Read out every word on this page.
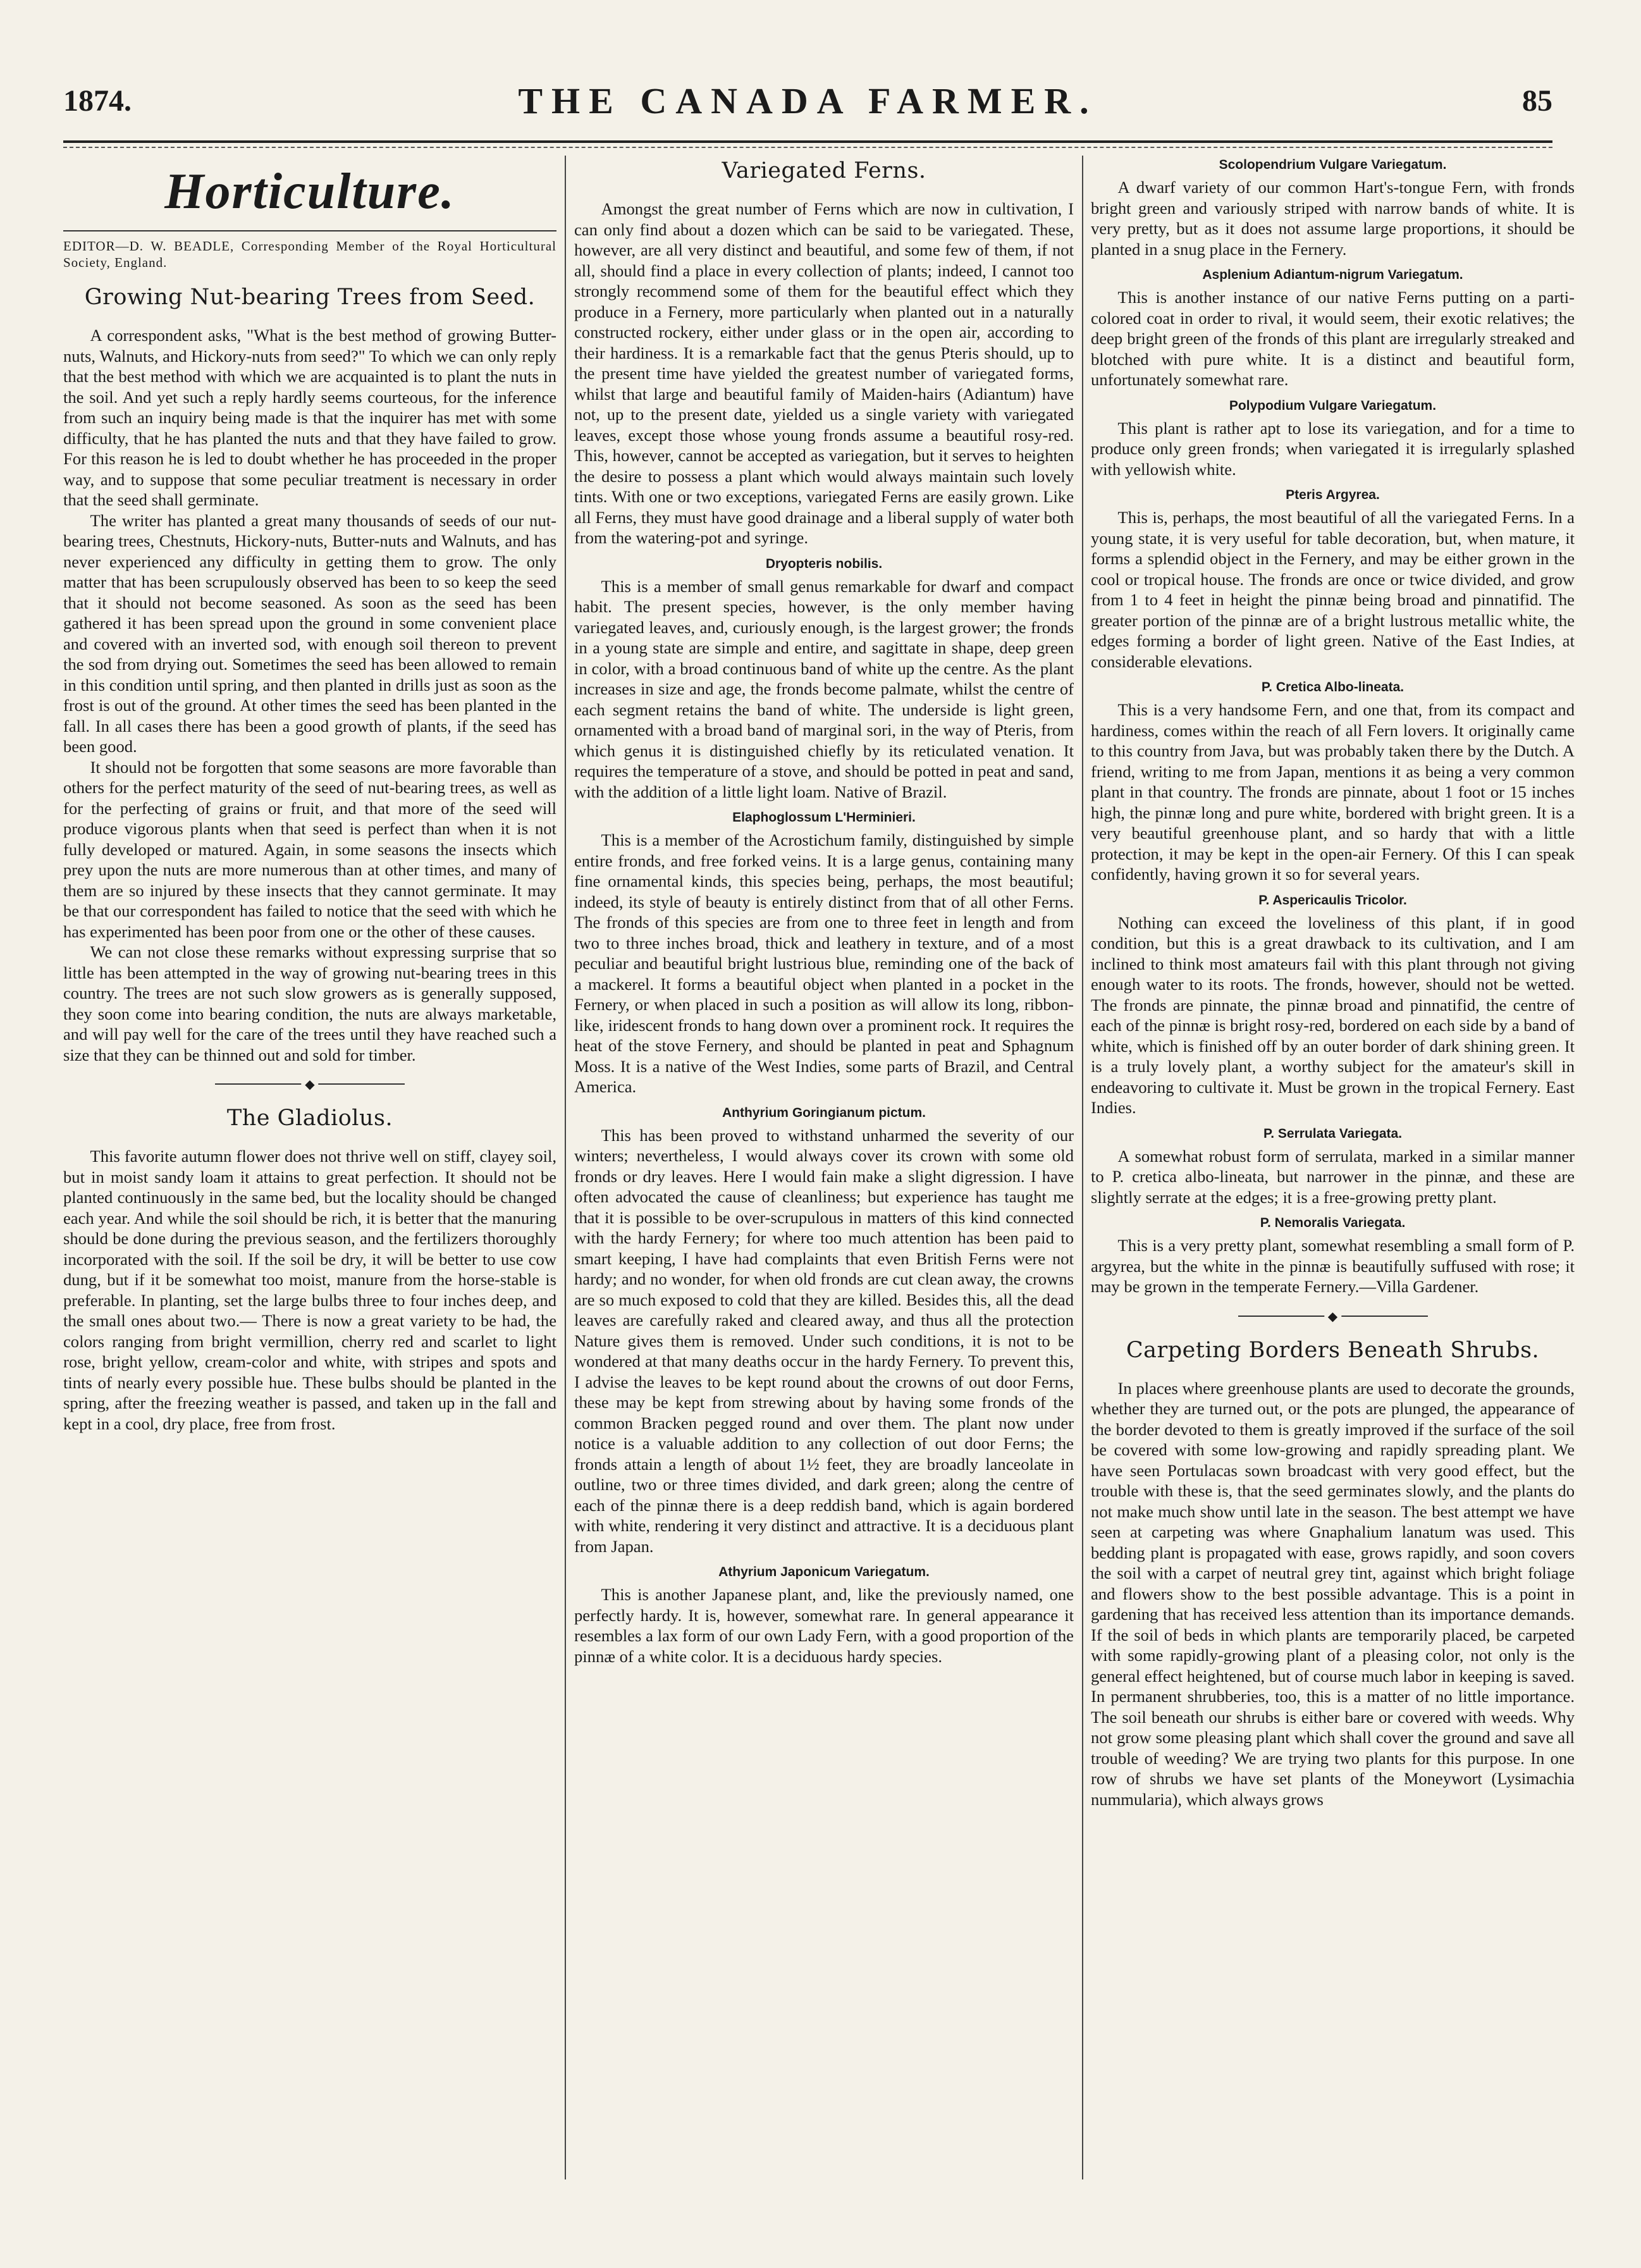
1874.	THE CANADA FARMER.	85
Horticulture.
EDITOR—D. W. BEADLE, Corresponding Member of the Royal Horticultural Society, England.
Growing Nut-bearing Trees from Seed.

A correspondent asks, "What is the best method of growing Butter-nuts, Walnuts, and Hickory-nuts from seed?" To which we can only reply that the best method with which we are acquainted is to plant the nuts in the soil. And yet such a reply hardly seems courteous, for the inference from such an inquiry being made is that the inquirer has met with some difficulty, that he has planted the nuts and that they have failed to grow. For this reason he is led to doubt whether he has proceeded in the proper way, and to suppose that some peculiar treatment is necessary in order that the seed shall germinate.

The writer has planted a great many thousands of seeds of our nut-bearing trees, Chestnuts, Hickory-nuts, Butter-nuts and Walnuts, and has never experienced any difficulty in getting them to grow. The only matter that has been scrupulously observed has been to so keep the seed that it should not become seasoned. As soon as the seed has been gathered it has been spread upon the ground in some convenient place and covered with an inverted sod, with enough soil thereon to prevent the sod from drying out. Sometimes the seed has been allowed to remain in this condition until spring, and then planted in drills just as soon as the frost is out of the ground. At other times the seed has been planted in the fall. In all cases there has been a good growth of plants, if the seed has been good.

It should not be forgotten that some seasons are more favorable than others for the perfect maturity of the seed of nut-bearing trees, as well as for the perfecting of grains or fruit, and that more of the seed will produce vigorous plants when that seed is perfect than when it is not fully developed or matured. Again, in some seasons the insects which prey upon the nuts are more numerous than at other times, and many of them are so injured by these insects that they cannot germinate. It may be that our correspondent has failed to notice that the seed with which he has experimented has been poor from one or the other of these causes.

We can not close these remarks without expressing surprise that so little has been attempted in the way of growing nut-bearing trees in this country. The trees are not such slow growers as is generally supposed, they soon come into bearing condition, the nuts are always marketable, and will pay well for the care of the trees until they have reached such a size that they can be thinned out and sold for timber.

◆
The Gladiolus.

This favorite autumn flower does not thrive well on stiff, clayey soil, but in moist sandy loam it attains to great perfection. It should not be planted continuously in the same bed, but the locality should be changed each year. And while the soil should be rich, it is better that the manuring should be done during the previous season, and the fertilizers thoroughly incorporated with the soil. If the soil be dry, it will be better to use cow dung, but if it be somewhat too moist, manure from the horse-stable is preferable. In planting, set the large bulbs three to four inches deep, and the small ones about two.— There is now a great variety to be had, the colors ranging from bright vermillion, cherry red and scarlet to light rose, bright yellow, cream-color and white, with stripes and spots and tints of nearly every possible hue. These bulbs should be planted in the spring, after the freezing weather is passed, and taken up in the fall and kept in a cool, dry place, free from frost.

Variegated Ferns.

Amongst the great number of Ferns which are now in cultivation, I can only find about a dozen which can be said to be variegated. These, however, are all very distinct and beautiful, and some few of them, if not all, should find a place in every collection of plants; indeed, I cannot too strongly recommend some of them for the beautiful effect which they produce in a Fernery, more particularly when planted out in a naturally constructed rockery, either under glass or in the open air, according to their hardiness. It is a remarkable fact that the genus Pteris should, up to the present time have yielded the greatest number of variegated forms, whilst that large and beautiful family of Maiden-hairs (Adiantum) have not, up to the present date, yielded us a single variety with variegated leaves, except those whose young fronds assume a beautiful rosy-red. This, however, cannot be accepted as variegation, but it serves to heighten the desire to possess a plant which would always maintain such lovely tints. With one or two exceptions, variegated Ferns are easily grown. Like all Ferns, they must have good drainage and a liberal supply of water both from the watering-pot and syringe.

Dryopteris nobilis.

This is a member of small genus remarkable for dwarf and compact habit. The present species, however, is the only member having variegated leaves, and, curiously enough, is the largest grower; the fronds in a young state are simple and entire, and sagittate in shape, deep green in color, with a broad continuous band of white up the centre. As the plant increases in size and age, the fronds become palmate, whilst the centre of each segment retains the band of white. The underside is light green, ornamented with a broad band of marginal sori, in the way of Pteris, from which genus it is distinguished chiefly by its reticulated venation. It requires the temperature of a stove, and should be potted in peat and sand, with the addition of a little light loam. Native of Brazil.

Elaphoglossum L'Herminieri.

This is a member of the Acrostichum family, distinguished by simple entire fronds, and free forked veins. It is a large genus, containing many fine ornamental kinds, this species being, perhaps, the most beautiful; indeed, its style of beauty is entirely distinct from that of all other Ferns. The fronds of this species are from one to three feet in length and from two to three inches broad, thick and leathery in texture, and of a most peculiar and beautiful bright lustrious blue, reminding one of the back of a mackerel. It forms a beautiful object when planted in a pocket in the Fernery, or when placed in such a position as will allow its long, ribbon-like, iridescent fronds to hang down over a prominent rock. It requires the heat of the stove Fernery, and should be planted in peat and Sphagnum Moss. It is a native of the West Indies, some parts of Brazil, and Central America.

Anthyrium Goringianum pictum.

This has been proved to withstand unharmed the severity of our winters; nevertheless, I would always cover its crown with some old fronds or dry leaves. Here I would fain make a slight digression. I have often advocated the cause of cleanliness; but experience has taught me that it is possible to be over-scrupulous in matters of this kind connected with the hardy Fernery; for where too much attention has been paid to smart keeping, I have had complaints that even British Ferns were not hardy; and no wonder, for when old fronds are cut clean away, the crowns are so much exposed to cold that they are killed. Besides this, all the dead leaves are carefully raked and cleared away, and thus all the protection Nature gives them is removed. Under such conditions, it is not to be wondered at that many deaths occur in the hardy Fernery. To prevent this, I advise the leaves to be kept round about the crowns of out door Ferns, these may be kept from strewing about by having some fronds of the common Bracken pegged round and over them. The plant now under notice is a valuable addition to any collection of out door Ferns; the fronds attain a length of about 1½ feet, they are broadly lanceolate in outline, two or three times divided, and dark green; along the centre of each of the pinnæ there is a deep reddish band, which is again bordered with white, rendering it very distinct and attractive. It is a deciduous plant from Japan.

Athyrium Japonicum Variegatum.

This is another Japanese plant, and, like the previously named, one perfectly hardy. It is, however, somewhat rare. In general appearance it resembles a lax form of our own Lady Fern, with a good proportion of the pinnæ of a white color. It is a deciduous hardy species.

Scolopendrium Vulgare Variegatum.

A dwarf variety of our common Hart's-tongue Fern, with fronds bright green and variously striped with narrow bands of white. It is very pretty, but as it does not assume large proportions, it should be planted in a snug place in the Fernery.

Asplenium Adiantum-nigrum Variegatum.

This is another instance of our native Ferns putting on a parti-colored coat in order to rival, it would seem, their exotic relatives; the deep bright green of the fronds of this plant are irregularly streaked and blotched with pure white. It is a distinct and beautiful form, unfortunately somewhat rare.

Polypodium Vulgare Variegatum.

This plant is rather apt to lose its variegation, and for a time to produce only green fronds; when variegated it is irregularly splashed with yellowish white.

Pteris Argyrea.

This is, perhaps, the most beautiful of all the variegated Ferns. In a young state, it is very useful for table decoration, but, when mature, it forms a splendid object in the Fernery, and may be either grown in the cool or tropical house. The fronds are once or twice divided, and grow from 1 to 4 feet in height the pinnæ being broad and pinnatifid. The greater portion of the pinnæ are of a bright lustrous metallic white, the edges forming a border of light green. Native of the East Indies, at considerable elevations.

P. Cretica Albo-lineata.

This is a very handsome Fern, and one that, from its compact and hardiness, comes within the reach of all Fern lovers. It originally came to this country from Java, but was probably taken there by the Dutch. A friend, writing to me from Japan, mentions it as being a very common plant in that country. The fronds are pinnate, about 1 foot or 15 inches high, the pinnæ long and pure white, bordered with bright green. It is a very beautiful greenhouse plant, and so hardy that with a little protection, it may be kept in the open-air Fernery. Of this I can speak confidently, having grown it so for several years.

P. Aspericaulis Tricolor.

Nothing can exceed the loveliness of this plant, if in good condition, but this is a great drawback to its cultivation, and I am inclined to think most amateurs fail with this plant through not giving enough water to its roots. The fronds, however, should not be wetted. The fronds are pinnate, the pinnæ broad and pinnatifid, the centre of each of the pinnæ is bright rosy-red, bordered on each side by a band of white, which is finished off by an outer border of dark shining green. It is a truly lovely plant, a worthy subject for the amateur's skill in endeavoring to cultivate it. Must be grown in the tropical Fernery. East Indies.

P. Serrulata Variegata.

A somewhat robust form of serrulata, marked in a similar manner to P. cretica albo-lineata, but narrower in the pinnæ, and these are slightly serrate at the edges; it is a free-growing pretty plant.

P. Nemoralis Variegata.

This is a very pretty plant, somewhat resembling a small form of P. argyrea, but the white in the pinnæ is beautifully suffused with rose; it may be grown in the temperate Fernery.—Villa Gardener.

◆
Carpeting Borders Beneath Shrubs.

In places where greenhouse plants are used to decorate the grounds, whether they are turned out, or the pots are plunged, the appearance of the border devoted to them is greatly improved if the surface of the soil be covered with some low-growing and rapidly spreading plant. We have seen Portulacas sown broadcast with very good effect, but the trouble with these is, that the seed germinates slowly, and the plants do not make much show until late in the season. The best attempt we have seen at carpeting was where Gnaphalium lanatum was used. This bedding plant is propagated with ease, grows rapidly, and soon covers the soil with a carpet of neutral grey tint, against which bright foliage and flowers show to the best possible advantage. This is a point in gardening that has received less attention than its importance demands. If the soil of beds in which plants are temporarily placed, be carpeted with some rapidly-growing plant of a pleasing color, not only is the general effect heightened, but of course much labor in keeping is saved. In permanent shrubberies, too, this is a matter of no little importance. The soil beneath our shrubs is either bare or covered with weeds. Why not grow some pleasing plant which shall cover the ground and save all trouble of weeding? We are trying two plants for this purpose. In one row of shrubs we have set plants of the Moneywort (Lysimachia nummularia), which always grows
